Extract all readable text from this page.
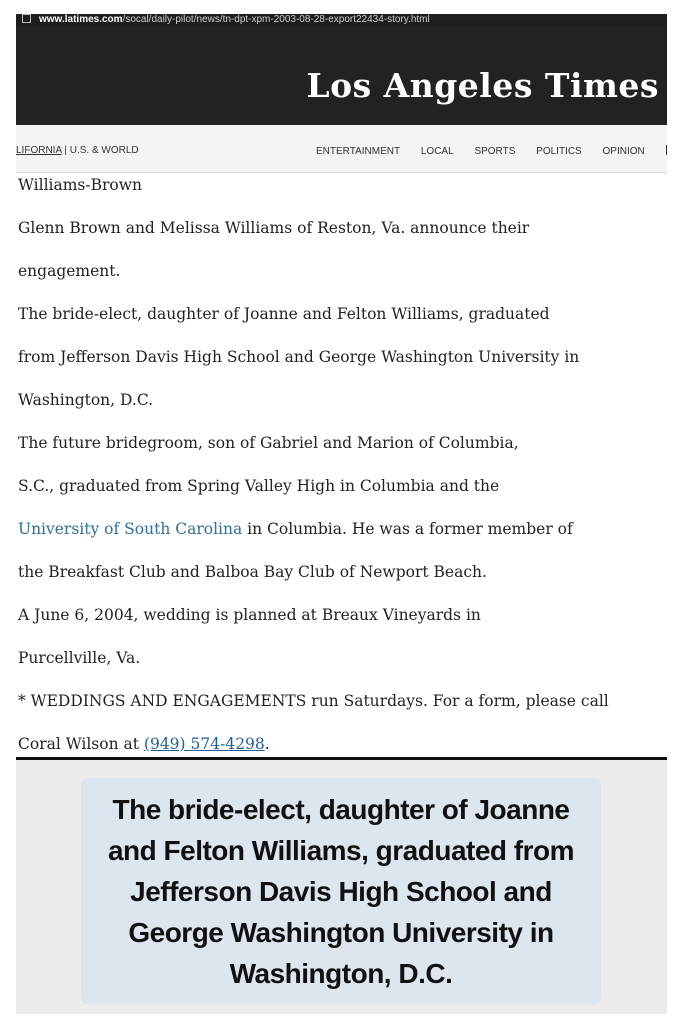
www.latimes.com/socal/daily-pilot/news/tn-dpt-xpm-2003-08-28-export22434-story.html
Los Angeles Times
LIFORNIA | U.S. & WORLD	ENTERTAINMENT LOCAL SPORTS POLITICS OPINION

Williams-Brown

Glenn Brown and Melissa Williams of Reston, Va. announce their

engagement.

The bride-elect, daughter of Joanne and Felton Williams, graduated

from Jefferson Davis High School and George Washington University in

Washington, D.C.

The future bridegroom, son of Gabriel and Marion of Columbia,

S.C., graduated from Spring Valley High in Columbia and the

University of South Carolina in Columbia. He was a former member of

the Breakfast Club and Balboa Bay Club of Newport Beach.

A June 6, 2004, wedding is planned at Breaux Vineyards in

Purcellville, Va.

* WEDDINGS AND ENGAGEMENTS run Saturdays. For a form, please call

Coral Wilson at (949) 574-4298.

The bride-elect, daughter of Joanne
and Felton Williams, graduated from
Jefferson Davis High School and
George Washington University in
Washington, D.C.
